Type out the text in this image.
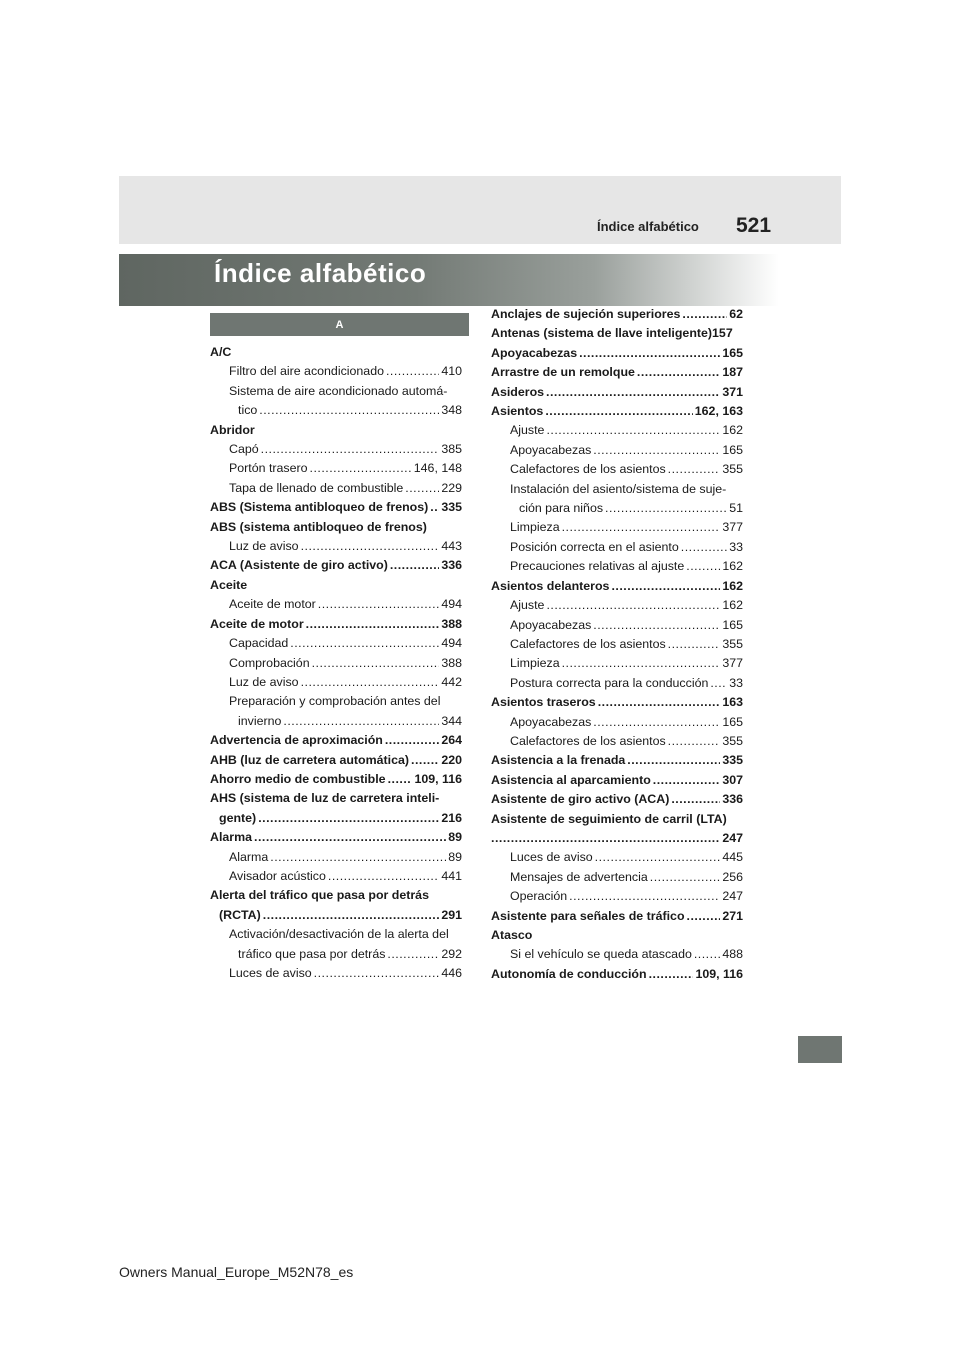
Índice alfabético 521
Índice alfabético
A
A/C
Filtro del aire acondicionado .....	410
Sistema de aire acondicionado automá-
tico .....	348
Abridor
Capó .....	385
Portón trasero .....	146, 148
Tapa de llenado de combustible .....	229
ABS (Sistema antibloqueo de frenos) ..... 335
ABS (sistema antibloqueo de frenos)
Luz de aviso .....	443
ACA (Asistente de giro activo) .....	336
Aceite
Aceite de motor .....	494
Aceite de motor .....	388
Capacidad .....	494
Comprobación .....	388
Luz de aviso .....	442
Preparación y comprobación antes del
invierno .....	344
Advertencia de aproximación .....	264
AHB (luz de carretera automática) .....	220
Ahorro medio de combustible ..... 109, 116
AHS (sistema de luz de carretera inteli-
gente) .....	216
Alarma .....	89
Alarma .....	89
Avisador acústico .....	441
Alerta del tráfico que pasa por detrás
(RCTA) .....	291
Activación/desactivación de la alerta del
tráfico que pasa por detrás .....	292
Luces de aviso .....	446
Anclajes de sujeción superiores .....	62
Antenas (sistema de llave inteligente)157
Apoyacabezas .....	165
Arrastre de un remolque .....	187
Asideros .....	371
Asientos .....	162, 163
Ajuste .....	162
Apoyacabezas .....	165
Calefactores de los asientos .....	355
Instalación del asiento/sistema de suje-
ción para niños .....	51
Limpieza .....	377
Posición correcta en el asiento .....	33
Precauciones relativas al ajuste .....	162
Asientos delanteros .....	162
Ajuste .....	162
Apoyacabezas .....	165
Calefactores de los asientos .....	355
Limpieza .....	377
Postura correcta para la conducción ..... 33
Asientos traseros .....	163
Apoyacabezas .....	165
Calefactores de los asientos .....	355
Asistencia a la frenada .....	335
Asistencia al aparcamiento .....	307
Asistente de giro activo (ACA) .....	336
Asistente de seguimiento de carril (LTA)
.....
247
Luces de aviso .....	445
Mensajes de advertencia .....	256
Operación .....	247
Asistente para señales de tráfico .....	271
Atasco
Si el vehículo se queda atascado ..... 488
Autonomía de conducción .....	109, 116
Owners Manual_Europe_M52N78_es
